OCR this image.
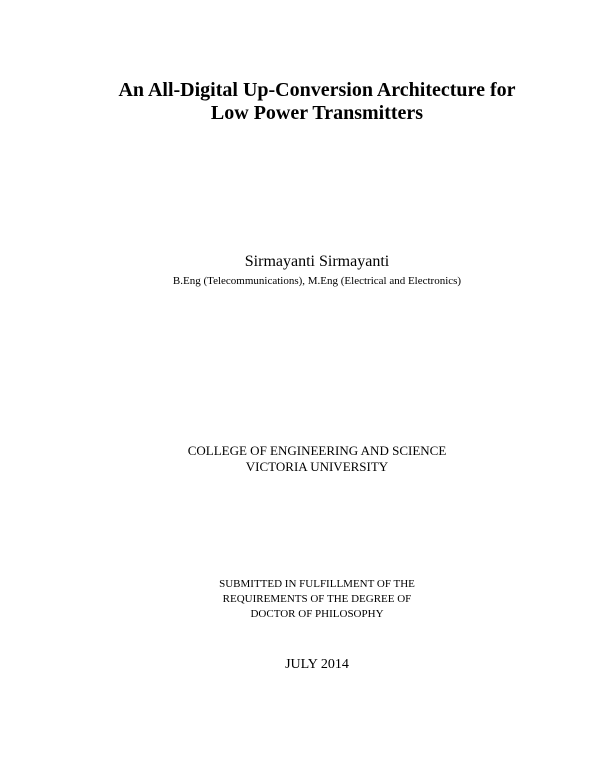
An All-Digital Up-Conversion Architecture for
Low Power Transmitters

Sirmayanti Sirmayanti

B.Eng (Telecommunications), M.Eng (Electrical and Electronics)

COLLEGE OF ENGINEERING AND SCIENCE

VICTORIA UNIVERSITY

SUBMITTED IN FULFILLMENT OF THE

REQUIREMENTS OF THE DEGREE OF

DOCTOR OF PHILOSOPHY

JULY 2014
